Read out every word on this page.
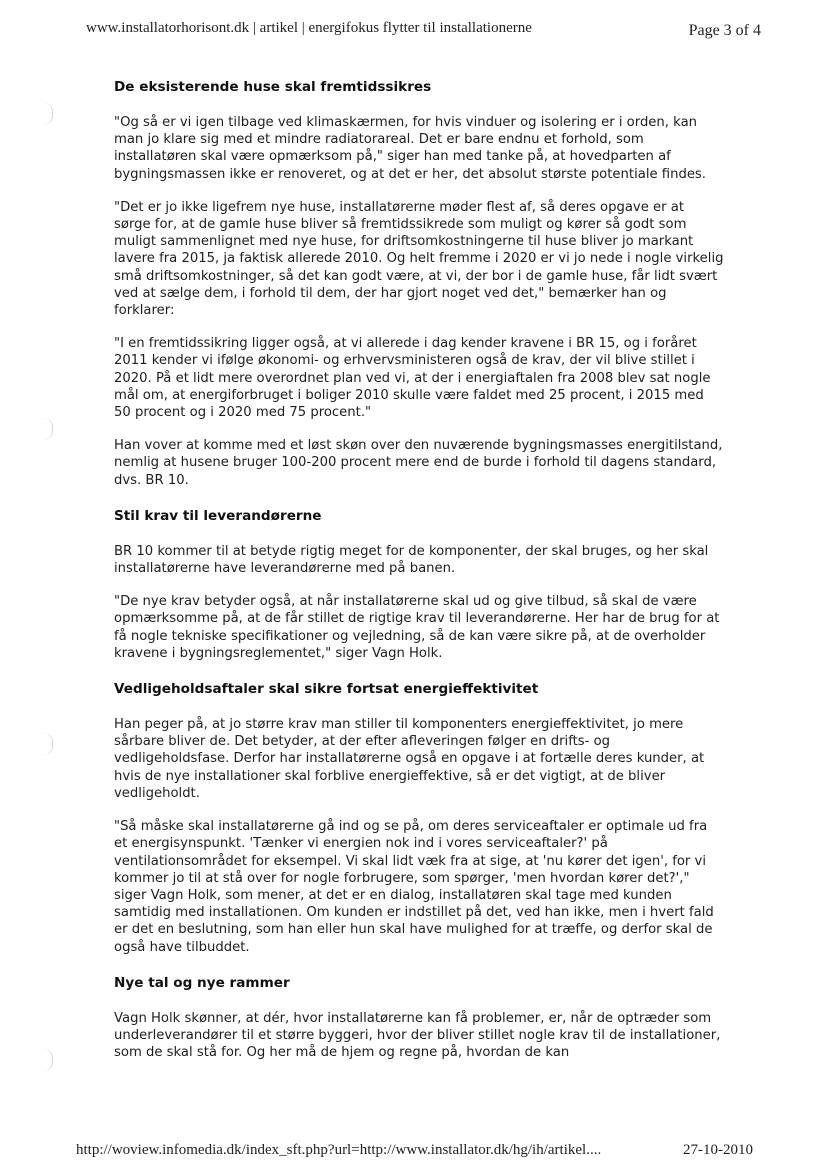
www.installatorhorisont.dk | artikel | energifokus flytter til installationerne	Page 3 of 4
De eksisterende huse skal fremtidssikres

"Og så er vi igen tilbage ved klimaskærmen, for hvis vinduer og isolering er i orden, kan man jo klare sig med et mindre radiatorareal. Det er bare endnu et forhold, som installatøren skal være opmærksom på," siger han med tanke på, at hovedparten af bygningsmassen ikke er renoveret, og at det er her, det absolut største potentiale findes.

"Det er jo ikke ligefrem nye huse, installatørerne møder flest af, så deres opgave er at sørge for, at de gamle huse bliver så fremtidssikrede som muligt og kører så godt som muligt sammenlignet med nye huse, for driftsomkostningerne til huse bliver jo markant lavere fra 2015, ja faktisk allerede 2010. Og helt fremme i 2020 er vi jo nede i nogle virkelig små driftsomkostninger, så det kan godt være, at vi, der bor i de gamle huse, får lidt svært ved at sælge dem, i forhold til dem, der har gjort noget ved det," bemærker han og forklarer:

"I en fremtidssikring ligger også, at vi allerede i dag kender kravene i BR 15, og i foråret 2011 kender vi ifølge økonomi- og erhvervsministeren også de krav, der vil blive stillet i 2020. På et lidt mere overordnet plan ved vi, at der i energiaftalen fra 2008 blev sat nogle mål om, at energiforbruget i boliger 2010 skulle være faldet med 25 procent, i 2015 med 50 procent og i 2020 med 75 procent."

Han vover at komme med et løst skøn over den nuværende bygningsmasses energitilstand, nemlig at husene bruger 100-200 procent mere end de burde i forhold til dagens standard, dvs. BR 10.

Stil krav til leverandørerne

BR 10 kommer til at betyde rigtig meget for de komponenter, der skal bruges, og her skal installatørerne have leverandørerne med på banen.

"De nye krav betyder også, at når installatørerne skal ud og give tilbud, så skal de være opmærksomme på, at de får stillet de rigtige krav til leverandørerne. Her har de brug for at få nogle tekniske specifikationer og vejledning, så de kan være sikre på, at de overholder kravene i bygningsreglementet," siger Vagn Holk.

Vedligeholdsaftaler skal sikre fortsat energieffektivitet

Han peger på, at jo større krav man stiller til komponenters energieffektivitet, jo mere sårbare bliver de. Det betyder, at der efter afleveringen følger en drifts- og vedligeholdsfase. Derfor har installatørerne også en opgave i at fortælle deres kunder, at hvis de nye installationer skal forblive energieffektive, så er det vigtigt, at de bliver vedligeholdt.

"Så måske skal installatørerne gå ind og se på, om deres serviceaftaler er optimale ud fra et energisynspunkt. 'Tænker vi energien nok ind i vores serviceaftaler?' på ventilationsområdet for eksempel. Vi skal lidt væk fra at sige, at 'nu kører det igen', for vi kommer jo til at stå over for nogle forbrugere, som spørger, 'men hvordan kører det?'," siger Vagn Holk, som mener, at det er en dialog, installatøren skal tage med kunden samtidig med installationen. Om kunden er indstillet på det, ved han ikke, men i hvert fald er det en beslutning, som han eller hun skal have mulighed for at træffe, og derfor skal de også have tilbuddet.

Nye tal og nye rammer

Vagn Holk skønner, at dér, hvor installatørerne kan få problemer, er, når de optræder som underleverandører til et større byggeri, hvor der bliver stillet nogle krav til de installationer, som de skal stå for. Og her må de hjem og regne på, hvordan de kan

http://woview.infomedia.dk/index_sft.php?url=http://www.installator.dk/hg/ih/artikel....	27-10-2010
